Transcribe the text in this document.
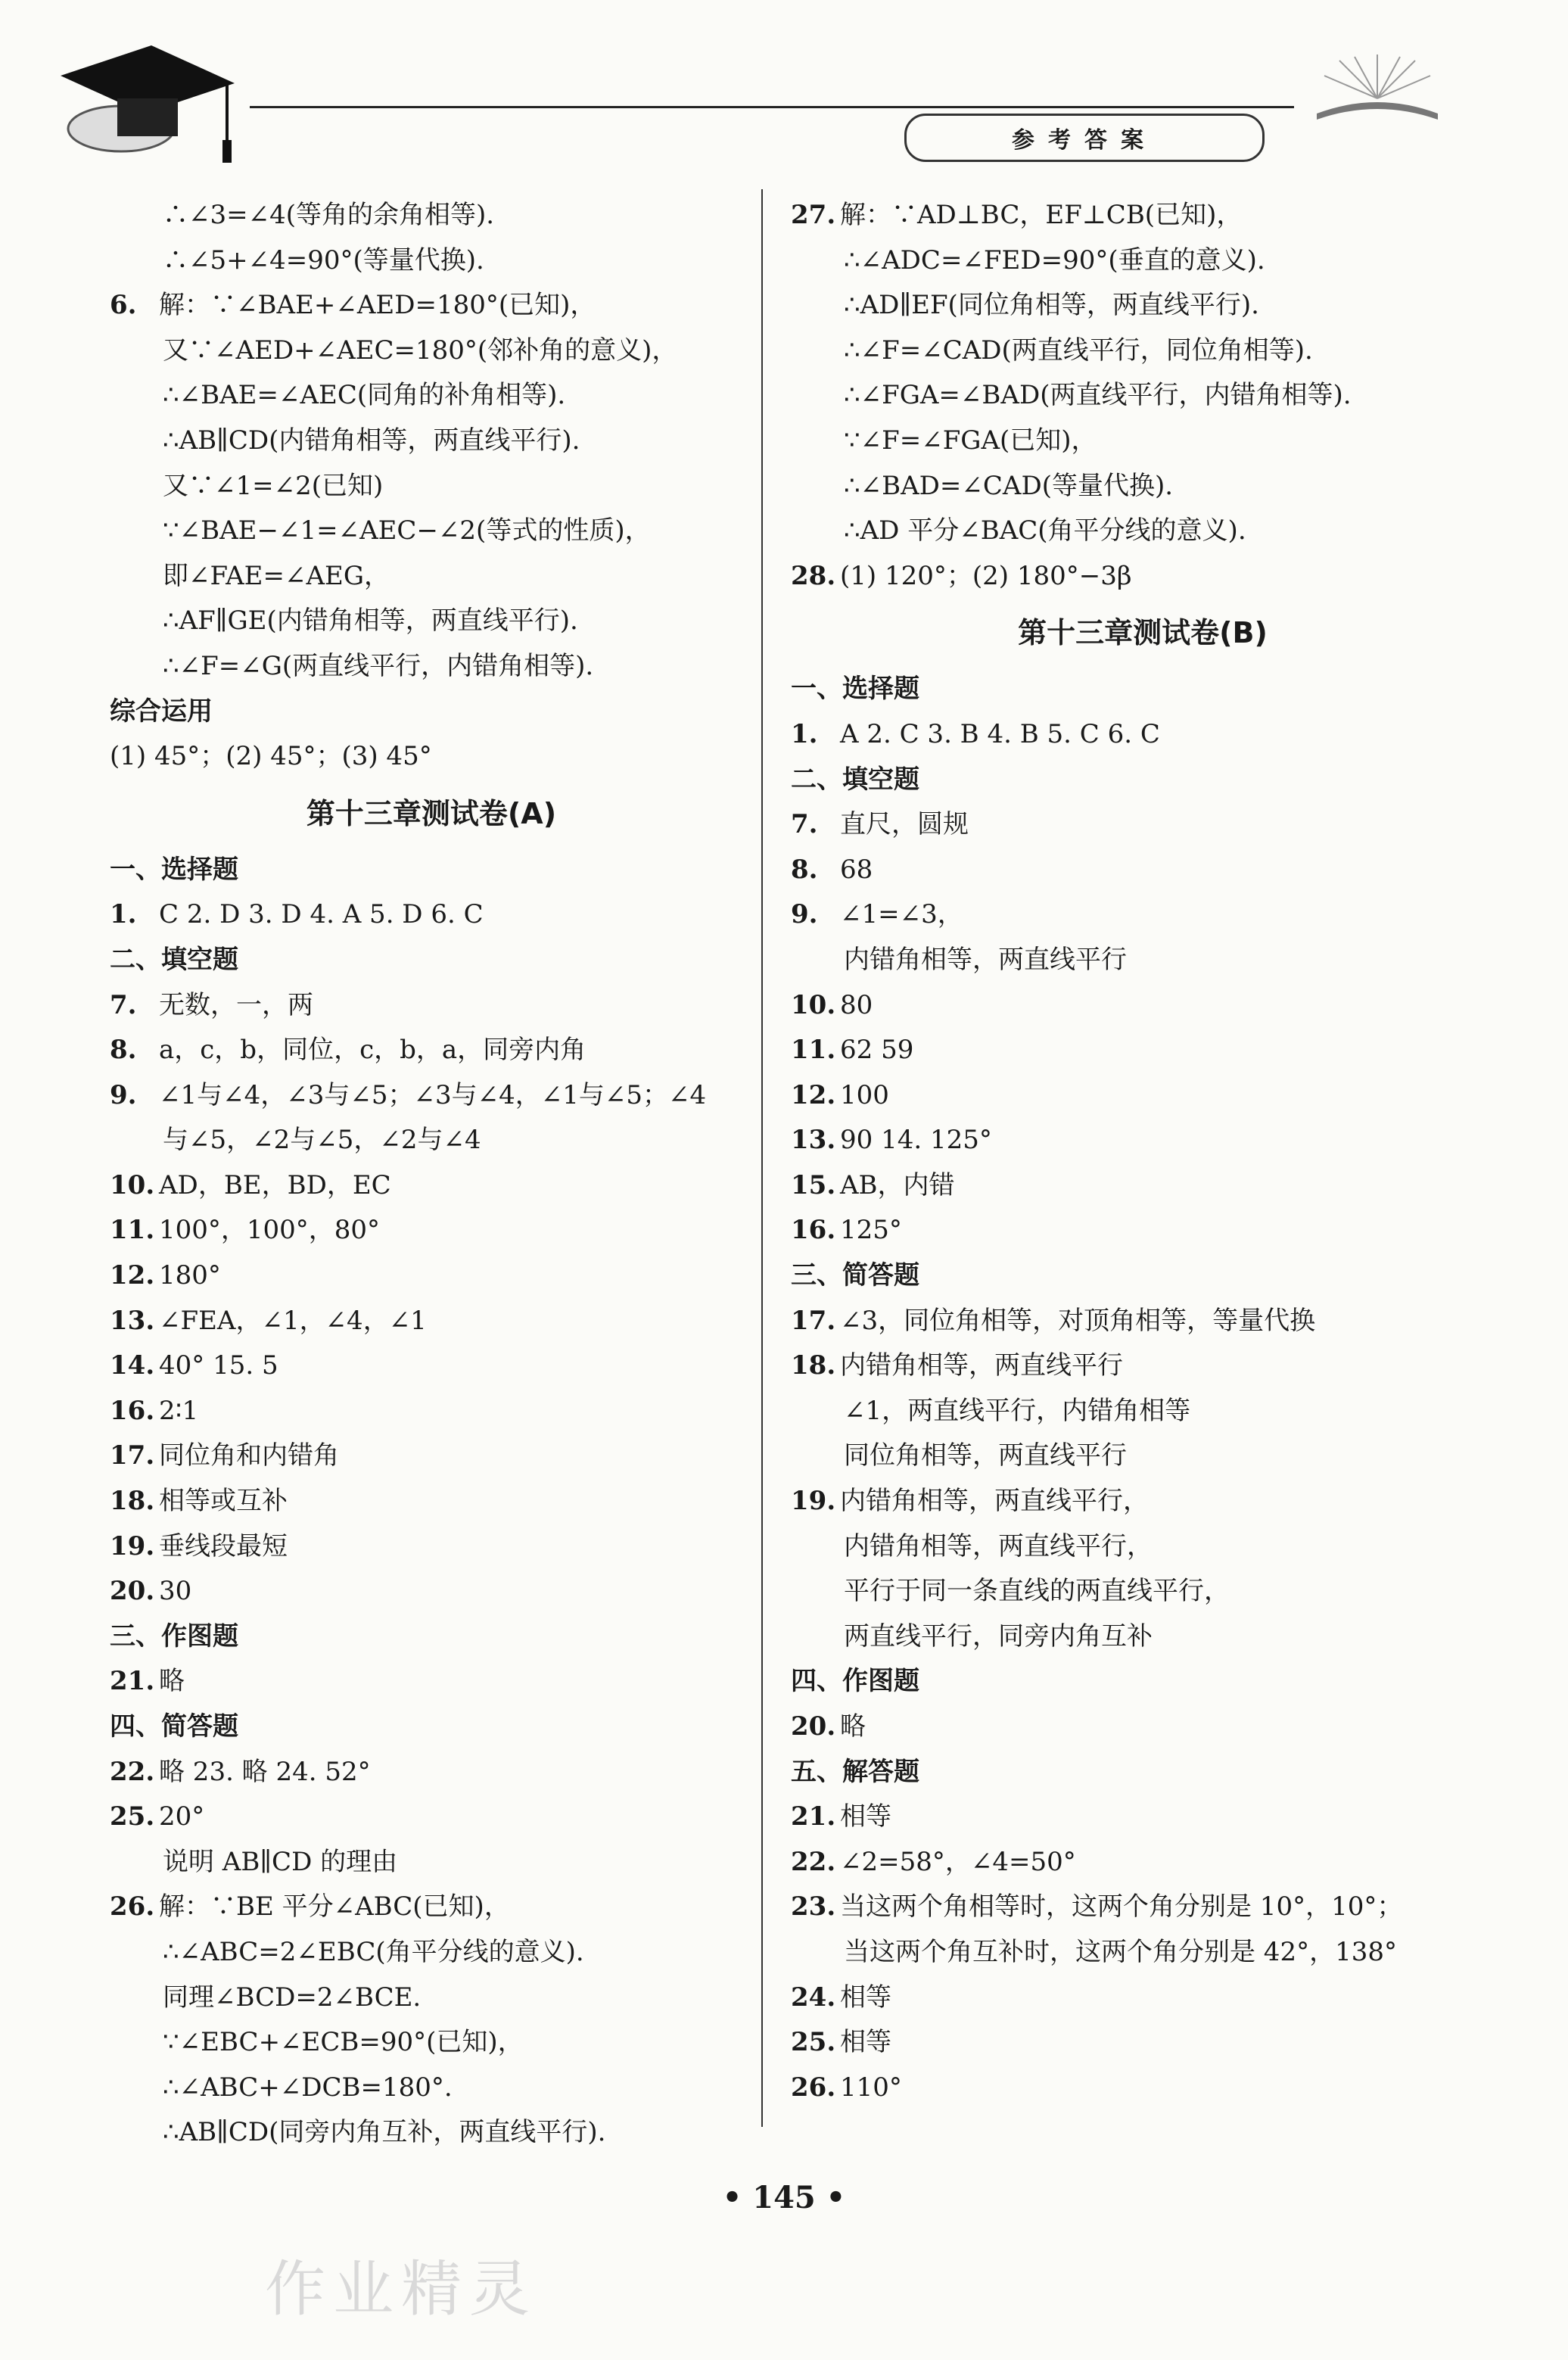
参考答案
∴∠3=∠4(等角的余角相等).
∴∠5+∠4=90°(等量代换).
6. 解：∵∠BAE+∠AED=180°(已知)，
又∵∠AED+∠AEC=180°(邻补角的意义)，
∴∠BAE=∠AEC(同角的补角相等).
∴AB∥CD(内错角相等，两直线平行).
又∵∠1=∠2(已知)
∵∠BAE−∠1=∠AEC−∠2(等式的性质)，
即∠FAE=∠AEG，
∴AF∥GE(内错角相等，两直线平行).
∴∠F=∠G(两直线平行，内错角相等).
综合运用
(1) 45°；(2) 45°；(3) 45°
第十三章测试卷(A)
一、选择题
1. C 2. D 3. D 4. A 5. D 6. C
二、填空题
7. 无数，一，两
8. a，c，b，同位，c，b，a，同旁内角
9. ∠1与∠4，∠3与∠5；∠3与∠4，∠1与∠5；∠4
与∠5，∠2与∠5，∠2与∠4
10. AD，BE，BD，EC
11. 100°，100°，80°
12. 180°
13. ∠FEA，∠1，∠4，∠1
14. 40° 15. 5
16. 2∶1
17. 同位角和内错角
18. 相等或互补
19. 垂线段最短
20. 30
三、作图题
21. 略
四、简答题
22. 略 23. 略 24. 52°
25. 20°
说明 AB∥CD 的理由
26. 解：∵BE 平分∠ABC(已知)，
∴∠ABC=2∠EBC(角平分线的意义).
同理∠BCD=2∠BCE.
∵∠EBC+∠ECB=90°(已知)，
∴∠ABC+∠DCB=180°.
∴AB∥CD(同旁内角互补，两直线平行).
27. 解：∵AD⊥BC，EF⊥CB(已知)，
∴∠ADC=∠FED=90°(垂直的意义).
∴AD∥EF(同位角相等，两直线平行).
∴∠F=∠CAD(两直线平行，同位角相等).
∴∠FGA=∠BAD(两直线平行，内错角相等).
∵∠F=∠FGA(已知)，
∴∠BAD=∠CAD(等量代换).
∴AD 平分∠BAC(角平分线的意义).
28. (1) 120°；(2) 180°−3β
第十三章测试卷(B)
一、选择题
1. A 2. C 3. B 4. B 5. C 6. C
二、填空题
7. 直尺，圆规
8. 68
9. ∠1=∠3，
内错角相等，两直线平行
10. 80
11. 62 59
12. 100
13. 90 14. 125°
15. AB，内错
16. 125°
三、简答题
17. ∠3，同位角相等，对顶角相等，等量代换
18. 内错角相等，两直线平行
∠1，两直线平行，内错角相等
同位角相等，两直线平行
19. 内错角相等，两直线平行，
内错角相等，两直线平行，
平行于同一条直线的两直线平行，
两直线平行，同旁内角互补
四、作图题
20. 略
五、解答题
21. 相等
22. ∠2=58°，∠4=50°
23. 当这两个角相等时，这两个角分别是 10°，10°；
当这两个角互补时，这两个角分别是 42°，138°
24. 相等
25. 相等
26. 110°
• 145 •
作业精灵
